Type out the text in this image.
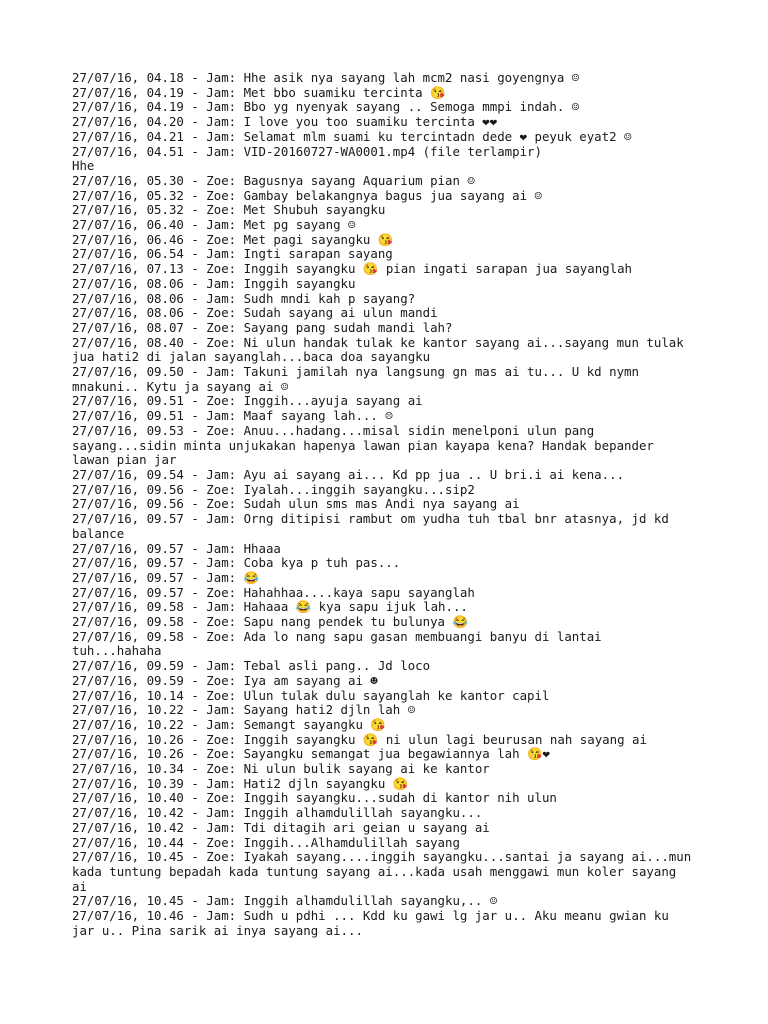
27/07/16, 04.18 - Jam: Hhe asik nya sayang lah mcm2 nasi goyengnya ☺
27/07/16, 04.19 - Jam: Met bbo suamiku tercinta 😘
27/07/16, 04.19 - Jam: Bbo yg nyenyak sayang .. Semoga mmpi indah. ☺
27/07/16, 04.20 - Jam: I love you too suamiku tercinta ❤❤
27/07/16, 04.21 - Jam: Selamat mlm suami ku tercintadn dede ❤ peyuk eyat2 ☺
27/07/16, 04.51 - Jam: VID-20160727-WA0001.mp4 (file terlampir)
Hhe
27/07/16, 05.30 - Zoe: Bagusnya sayang Aquarium pian ☺
27/07/16, 05.32 - Zoe: Gambay belakangnya bagus jua sayang ai ☺
27/07/16, 05.32 - Zoe: Met Shubuh sayangku
27/07/16, 06.40 - Jam: Met pg sayang ☺
27/07/16, 06.46 - Zoe: Met pagi sayangku 😘
27/07/16, 06.54 - Jam: Ingti sarapan sayang
27/07/16, 07.13 - Zoe: Inggih sayangku 😘 pian ingati sarapan jua sayanglah
27/07/16, 08.06 - Jam: Inggih sayangku
27/07/16, 08.06 - Jam: Sudh mndi kah p sayang?
27/07/16, 08.06 - Zoe: Sudah sayang ai ulun mandi
27/07/16, 08.07 - Zoe: Sayang pang sudah mandi lah?
27/07/16, 08.40 - Zoe: Ni ulun handak tulak ke kantor sayang ai...sayang mun tulak
jua hati2 di jalan sayanglah...baca doa sayangku
27/07/16, 09.50 - Jam: Takuni jamilah nya langsung gn mas ai tu... U kd nymn
mnakuni.. Kytu ja sayang ai ☺
27/07/16, 09.51 - Zoe: Inggih...ayuja sayang ai
27/07/16, 09.51 - Jam: Maaf sayang lah... ☹
27/07/16, 09.53 - Zoe: Anuu...hadang...misal sidin menelponi ulun pang
sayang...sidin minta unjukakan hapenya lawan pian kayapa kena? Handak bepander
lawan pian jar
27/07/16, 09.54 - Jam: Ayu ai sayang ai... Kd pp jua .. U bri.i ai kena...
27/07/16, 09.56 - Zoe: Iyalah...inggih sayangku...sip2
27/07/16, 09.56 - Zoe: Sudah ulun sms mas Andi nya sayang ai
27/07/16, 09.57 - Jam: Orng ditipisi rambut om yudha tuh tbal bnr atasnya, jd kd
balance
27/07/16, 09.57 - Jam: Hhaaa
27/07/16, 09.57 - Jam: Coba kya p tuh pas...
27/07/16, 09.57 - Jam: 😂
27/07/16, 09.57 - Zoe: Hahahhaa....kaya sapu sayanglah
27/07/16, 09.58 - Jam: Hahaaa 😂 kya sapu ijuk lah...
27/07/16, 09.58 - Zoe: Sapu nang pendek tu bulunya 😂
27/07/16, 09.58 - Zoe: Ada lo nang sapu gasan membuangi banyu di lantai
tuh...hahaha
27/07/16, 09.59 - Jam: Tebal asli pang.. Jd loco
27/07/16, 09.59 - Zoe: Iya am sayang ai ☻
27/07/16, 10.14 - Zoe: Ulun tulak dulu sayanglah ke kantor capil
27/07/16, 10.22 - Jam: Sayang hati2 djln lah ☺
27/07/16, 10.22 - Jam: Semangt sayangku 😘
27/07/16, 10.26 - Zoe: Inggih sayangku 😘 ni ulun lagi beurusan nah sayang ai
27/07/16, 10.26 - Zoe: Sayangku semangat jua begawiannya lah 😘❤
27/07/16, 10.34 - Zoe: Ni ulun bulik sayang ai ke kantor
27/07/16, 10.39 - Jam: Hati2 djln sayangku 😘
27/07/16, 10.40 - Zoe: Inggih sayangku...sudah di kantor nih ulun
27/07/16, 10.42 - Jam: Inggih alhamdulillah sayangku...
27/07/16, 10.42 - Jam: Tdi ditagih ari geian u sayang ai
27/07/16, 10.44 - Zoe: Inggih...Alhamdulillah sayang
27/07/16, 10.45 - Zoe: Iyakah sayang....inggih sayangku...santai ja sayang ai...mun
kada tuntung bepadah kada tuntung sayang ai...kada usah menggawi mun koler sayang
ai
27/07/16, 10.45 - Jam: Inggih alhamdulillah sayangku,.. ☺
27/07/16, 10.46 - Jam: Sudh u pdhi ... Kdd ku gawi lg jar u.. Aku meanu gwian ku
jar u.. Pina sarik ai inya sayang ai...
